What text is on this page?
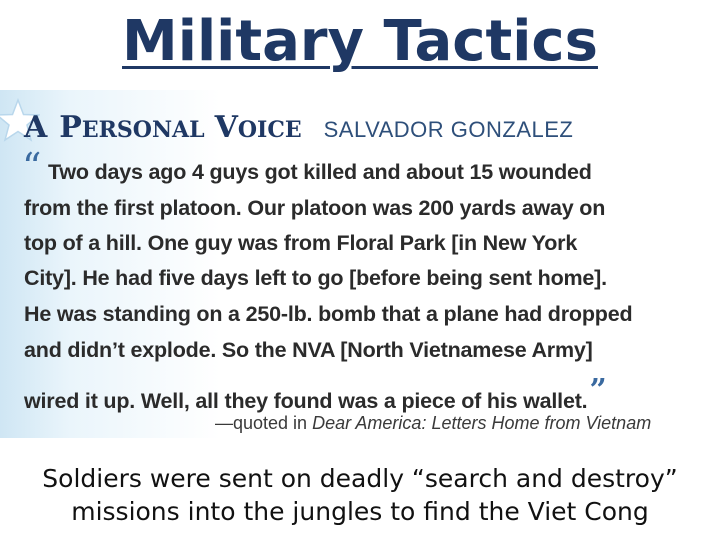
Military Tactics
A P ERSONAL V OICE SALVADOR GONZALEZ
“ Two days ago 4 guys got killed and about 15 wounded
from the first platoon. Our platoon was 200 yards away on
top of a hill. One guy was from Floral Park [in New York
City]. He had five days left to go [before being sent home].
He was standing on a 250-lb. bomb that a plane had dropped
and didn’t explode. So the NVA [North Vietnamese Army]
wired it up. Well, all they found was a piece of his wallet.”
—quoted in Dear America: Letters Home from Vietnam
Soldiers were sent on deadly “search and destroy”
missions into the jungles to find the Viet Cong
